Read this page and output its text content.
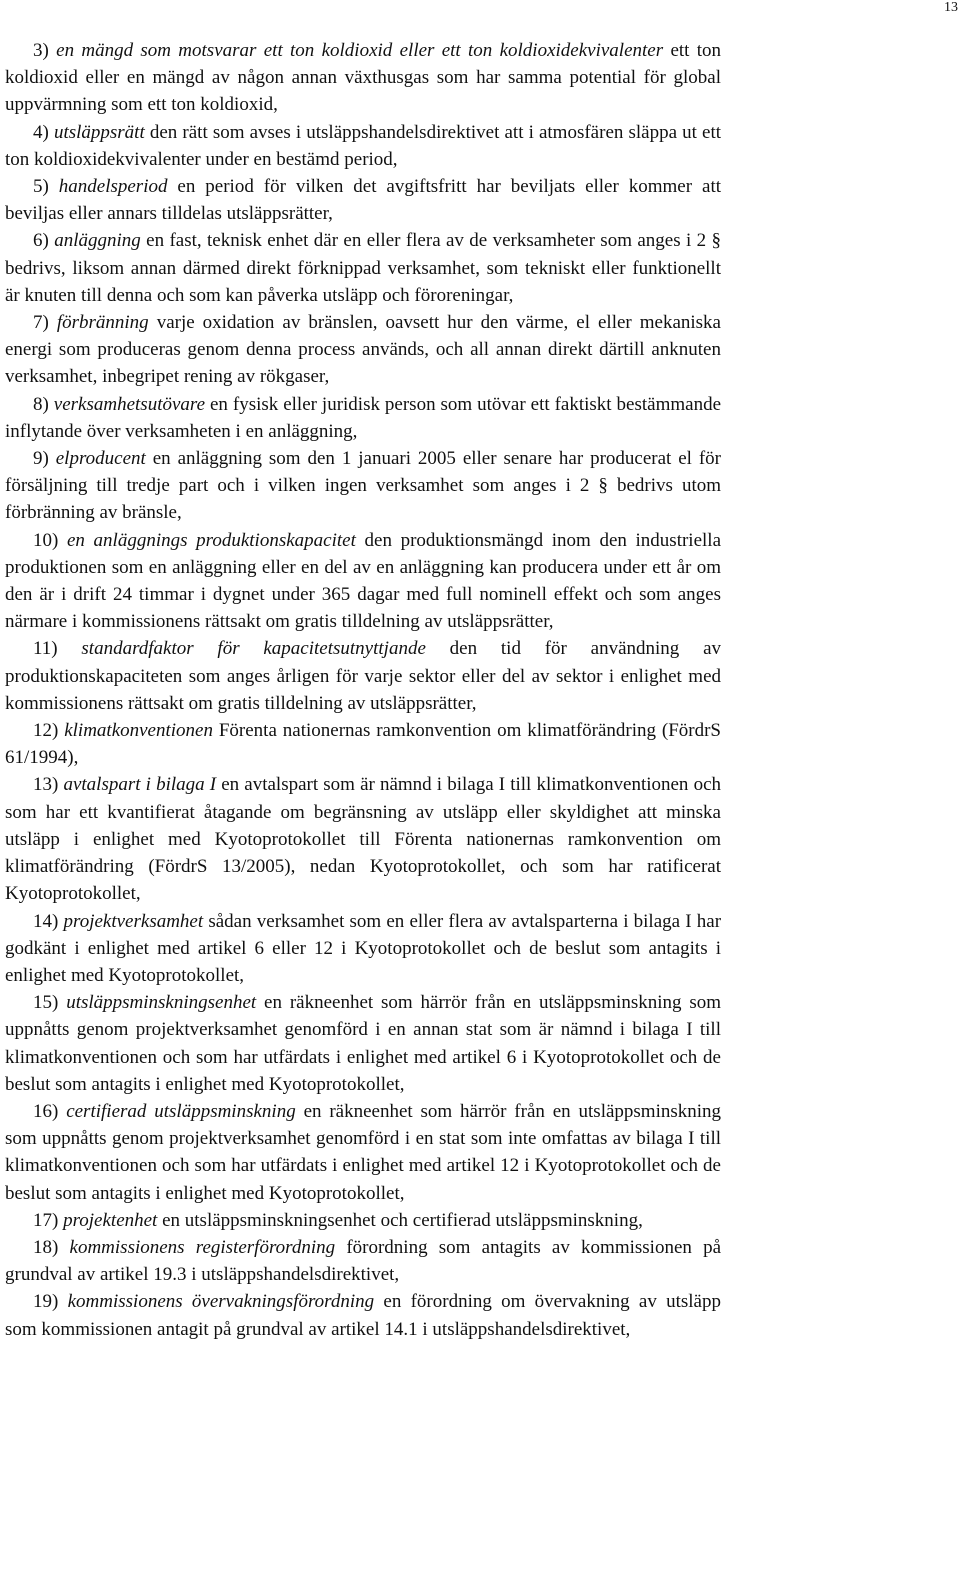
13

3) en mängd som motsvarar ett ton koldioxid eller ett ton koldioxidekvivalenter ett ton koldioxid eller en mängd av någon annan växthusgas som har samma potential för global uppvärmning som ett ton koldioxid,

4) utsläppsrätt den rätt som avses i utsläppshandelsdirektivet att i atmosfären släppa ut ett ton koldioxidekvivalenter under en bestämd period,

5) handelsperiod en period för vilken det avgiftsfritt har beviljats eller kommer att beviljas eller annars tilldelas utsläppsrätter,

6) anläggning en fast, teknisk enhet där en eller flera av de verksamheter som anges i 2 § bedrivs, liksom annan därmed direkt förknippad verksamhet, som tekniskt eller funktionellt är knuten till denna och som kan påverka utsläpp och föroreningar,

7) förbränning varje oxidation av bränslen, oavsett hur den värme, el eller mekaniska energi som produceras genom denna process används, och all annan direkt därtill anknuten verksamhet, inbegripet rening av rökgaser,

8) verksamhetsutövare en fysisk eller juridisk person som utövar ett faktiskt bestämmande inflytande över verksamheten i en anläggning,

9) elproducent en anläggning som den 1 januari 2005 eller senare har producerat el för försäljning till tredje part och i vilken ingen verksamhet som anges i 2 § bedrivs utom förbränning av bränsle,

10) en anläggnings produktionskapacitet den produktionsmängd inom den industriella produktionen som en anläggning eller en del av en anläggning kan producera under ett år om den är i drift 24 timmar i dygnet under 365 dagar med full nominell effekt och som anges närmare i kommissionens rättsakt om gratis tilldelning av utsläppsrätter,

11) standardfaktor för kapacitetsutnyttjande den tid för användning av produktionskapaciteten som anges årligen för varje sektor eller del av sektor i enlighet med kommissionens rättsakt om gratis tilldelning av utsläppsrätter,

12) klimatkonventionen Förenta nationernas ramkonvention om klimatförändring (FördrS 61/1994),

13) avtalspart i bilaga I en avtalspart som är nämnd i bilaga I till klimatkonventionen och som har ett kvantifierat åtagande om begränsning av utsläpp eller skyldighet att minska utsläpp i enlighet med Kyotoprotokollet till Förenta nationernas ramkonvention om klimatförändring (FördrS 13/2005), nedan Kyotoprotokollet, och som har ratificerat Kyotoprotokollet,

14) projektverksamhet sådan verksamhet som en eller flera av avtalsparterna i bilaga I har godkänt i enlighet med artikel 6 eller 12 i Kyotoprotokollet och de beslut som antagits i enlighet med Kyotoprotokollet,

15) utsläppsminskningsenhet en räkneenhet som härrör från en utsläppsminskning som uppnåtts genom projektverksamhet genomförd i en annan stat som är nämnd i bilaga I till klimatkonventionen och som har utfärdats i enlighet med artikel 6 i Kyotoprotokollet och de beslut som antagits i enlighet med Kyotoprotokollet,

16) certifierad utsläppsminskning en räkneenhet som härrör från en utsläppsminskning som uppnåtts genom projektverksamhet genomförd i en stat som inte omfattas av bilaga I till klimatkonventionen och som har utfärdats i enlighet med artikel 12 i Kyotoprotokollet och de beslut som antagits i enlighet med Kyotoprotokollet,

17) projektenhet en utsläppsminskningsenhet och certifierad utsläppsminskning,

18) kommissionens registerförordning förordning som antagits av kommissionen på grundval av artikel 19.3 i utsläppshandelsdirektivet,

19) kommissionens övervakningsförordning en förordning om övervakning av utsläpp som kommissionen antagit på grundval av artikel 14.1 i utsläppshandelsdirektivet,
